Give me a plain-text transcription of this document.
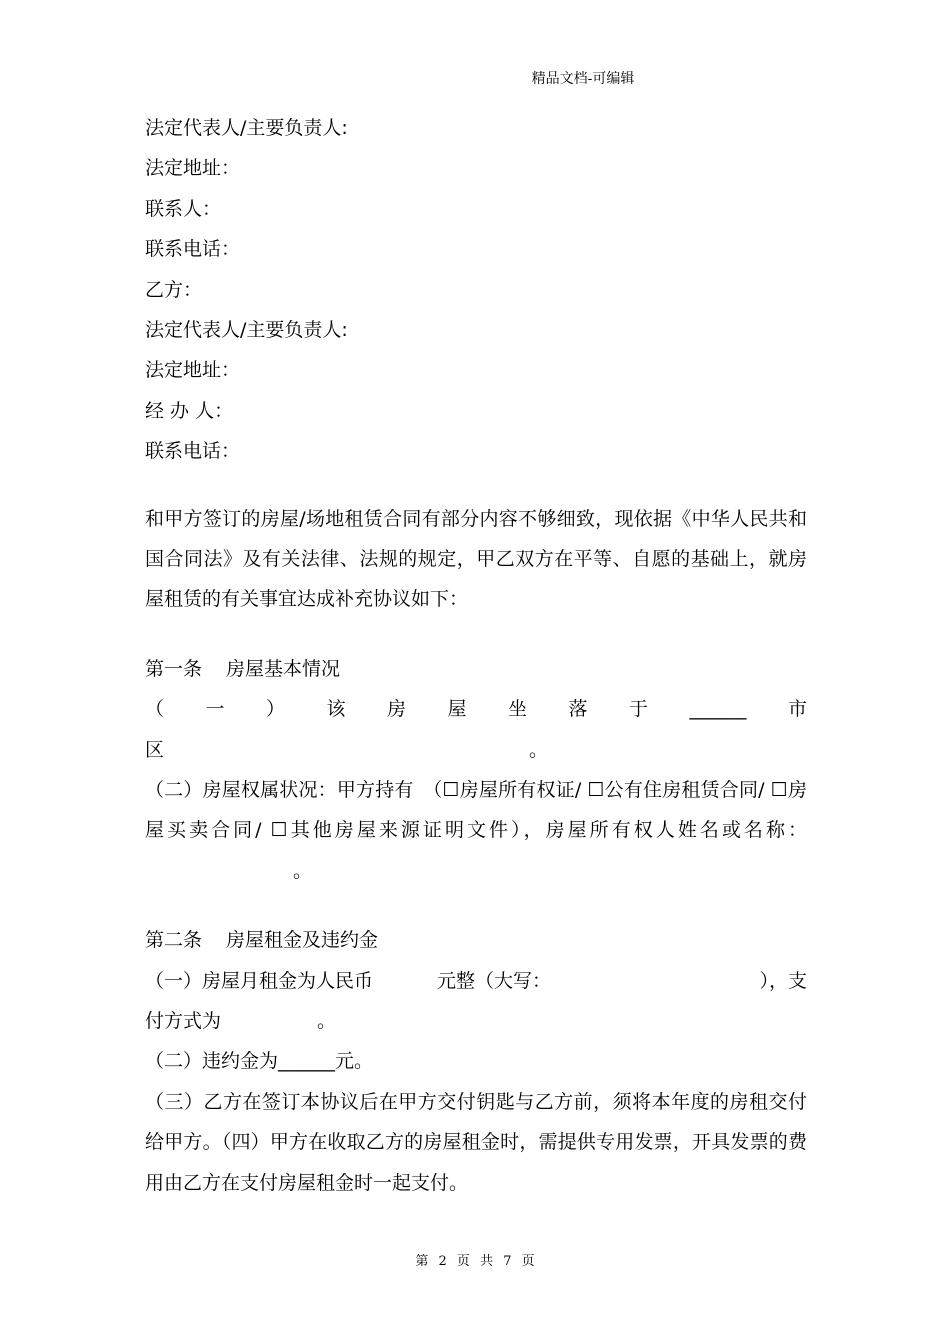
精品文档-可编辑
法定代表人/主要负责人:
法定地址：
联系人：
联系电话：
乙方：
法定代表人/主要负责人:
法定地址：
经 办 人：
联系电话：
和甲方签订的房屋/场地租赁合同有部分内容不够细致，现依据《中华人民共和国合同法》及有关法律、法规的规定，甲乙双方在平等、自愿的基础上，就房屋租赁的有关事宜达成补充协议如下：
第一条 房屋基本情况
（ 一 ） 该 房 屋 坐 落 于 ______ 市
区	。
（二）房屋权属状况：甲方持有　（☐房屋所有权证/ ☐公有住房租赁合同/ ☐房屋买卖合同/ ☐其他房屋来源证明文件），房屋所有权人姓名或名称：。
第二条 房屋租金及违约金
（一）房屋月租金为人民币	元整（大写：	），支
付方式为	。
（二）违约金为______元。
（三）乙方在签订本协议后在甲方交付钥匙与乙方前，须将本年度的房租交付给甲方。（四）甲方在收取乙方的房屋租金时，需提供专用发票，开具发票的费用由乙方在支付房屋租金时一起支付。
第 2 页 共 7 页
